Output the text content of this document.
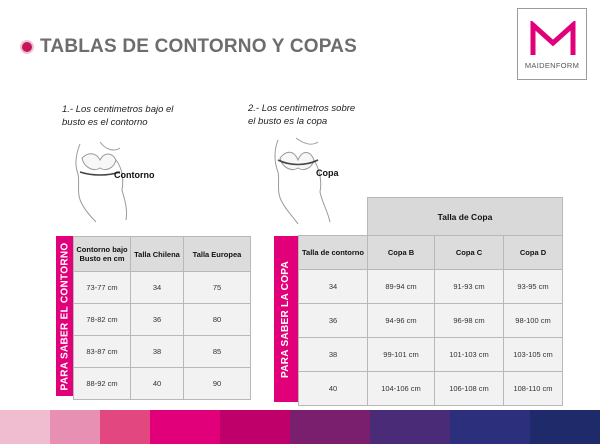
TABLAS DE CONTORNO Y COPAS
MAIDENFORM
1.- Los centimetros bajo el
busto es el contorno
Contorno
2.- Los centimetros sobre
el busto es la copa
Copa
PARA SABER EL CONTORNO Contorno bajo Busto en cm	Talla Chilena	Talla Europea
73-77 cm	34	75
78-82 cm	36	80
83-87 cm	38	85
88-92 cm	40	90
PARA SABER LA COPA
	Talla de Copa		
Talla de contorno	Copa B	Copa C	Copa D
34	89-94 cm	91-93 cm	93-95 cm
36	94-96 cm	96-98 cm	98-100 cm
38	99-101 cm	101-103 cm	103-105 cm
40	104-106 cm	106-108 cm	108-110 cm
